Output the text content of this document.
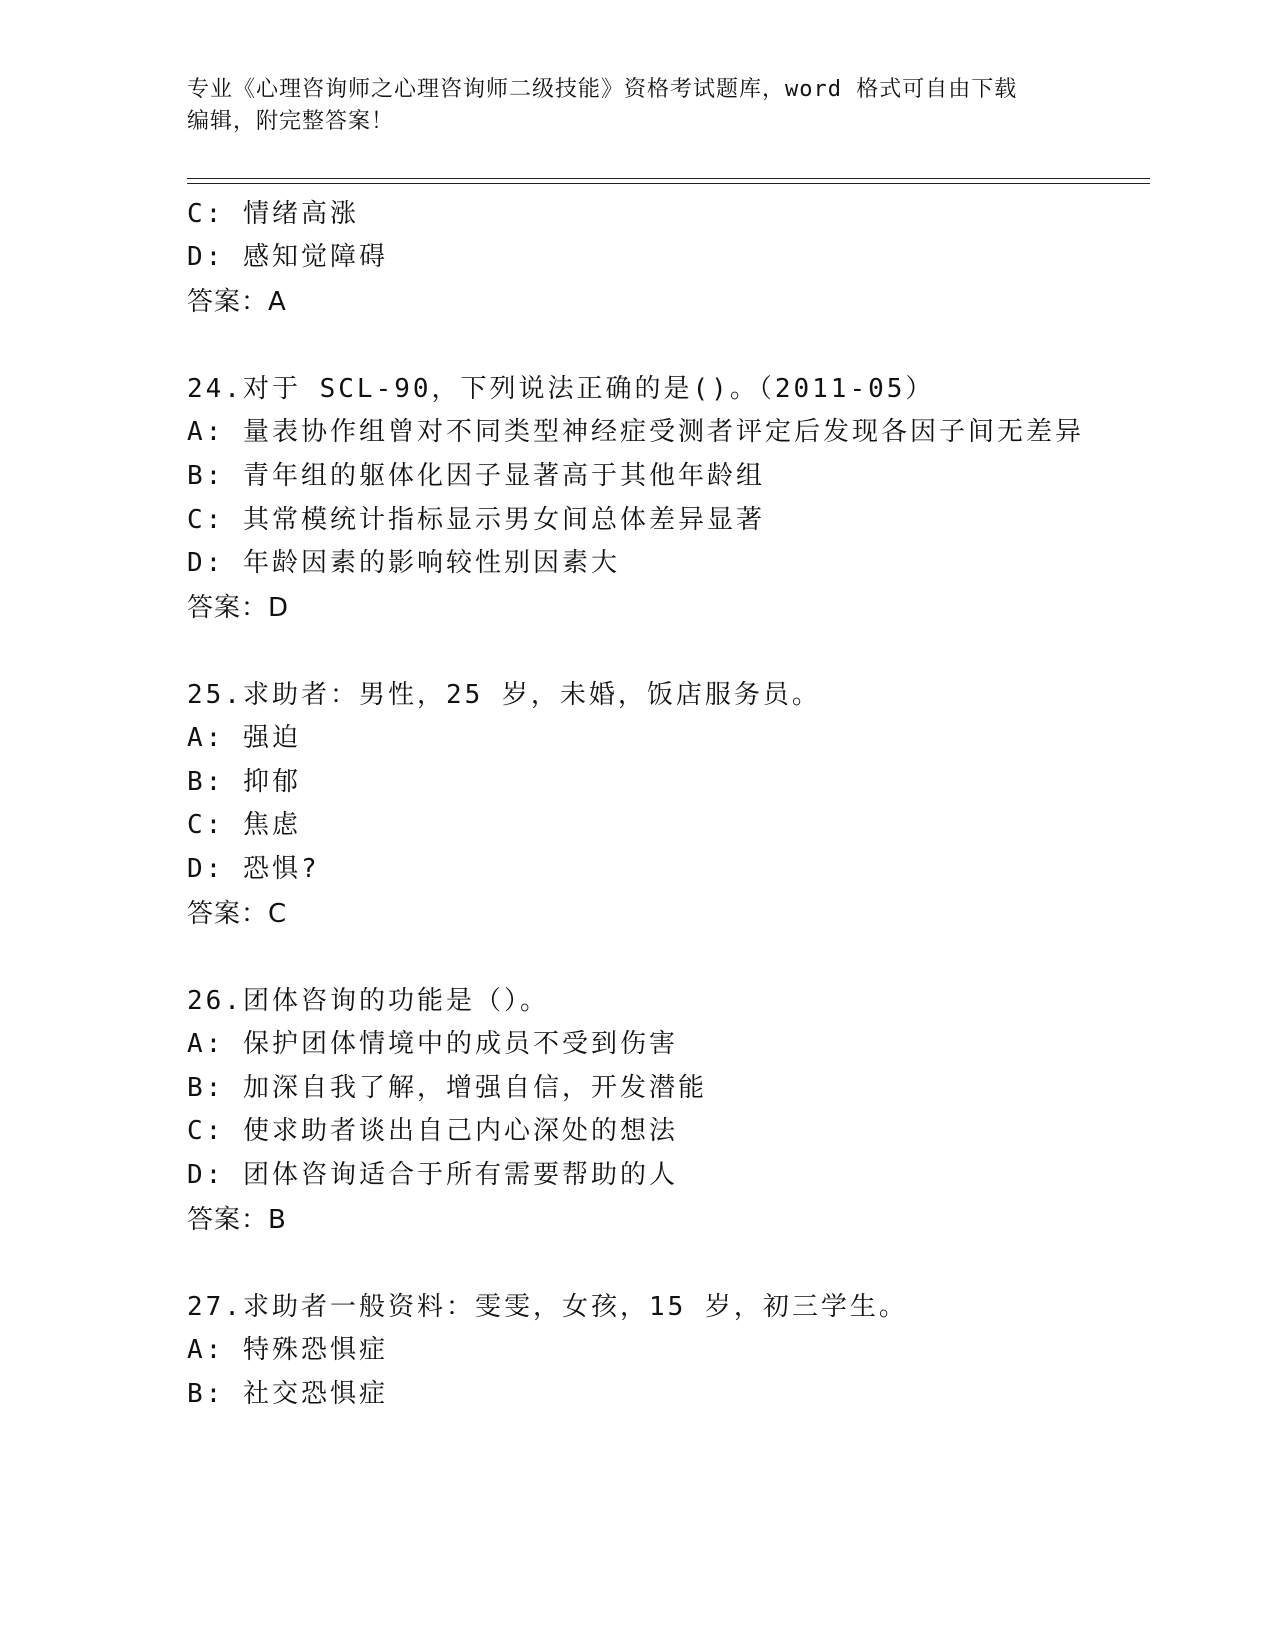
专业《心理咨询师之心理咨询师二级技能》资格考试题库，word 格式可自由下载
编辑，附完整答案！
C: 情绪高涨
D: 感知觉障碍
答案：A
24.对于 SCL-90，下列说法正确的是()。（2011-05）
A: 量表协作组曾对不同类型神经症受测者评定后发现各因子间无差异
B: 青年组的躯体化因子显著高于其他年龄组
C: 其常模统计指标显示男女间总体差异显著
D: 年龄因素的影响较性别因素大
答案：D
25.求助者：男性，25 岁，未婚，饭店服务员。
A: 强迫
B: 抑郁
C: 焦虑
D: 恐惧?
答案：C
26.团体咨询的功能是（）。
A: 保护团体情境中的成员不受到伤害
B: 加深自我了解，增强自信，开发潜能
C: 使求助者谈出自己内心深处的想法
D: 团体咨询适合于所有需要帮助的人
答案：B
27.求助者一般资料：雯雯，女孩，15 岁，初三学生。
A: 特殊恐惧症
B: 社交恐惧症
